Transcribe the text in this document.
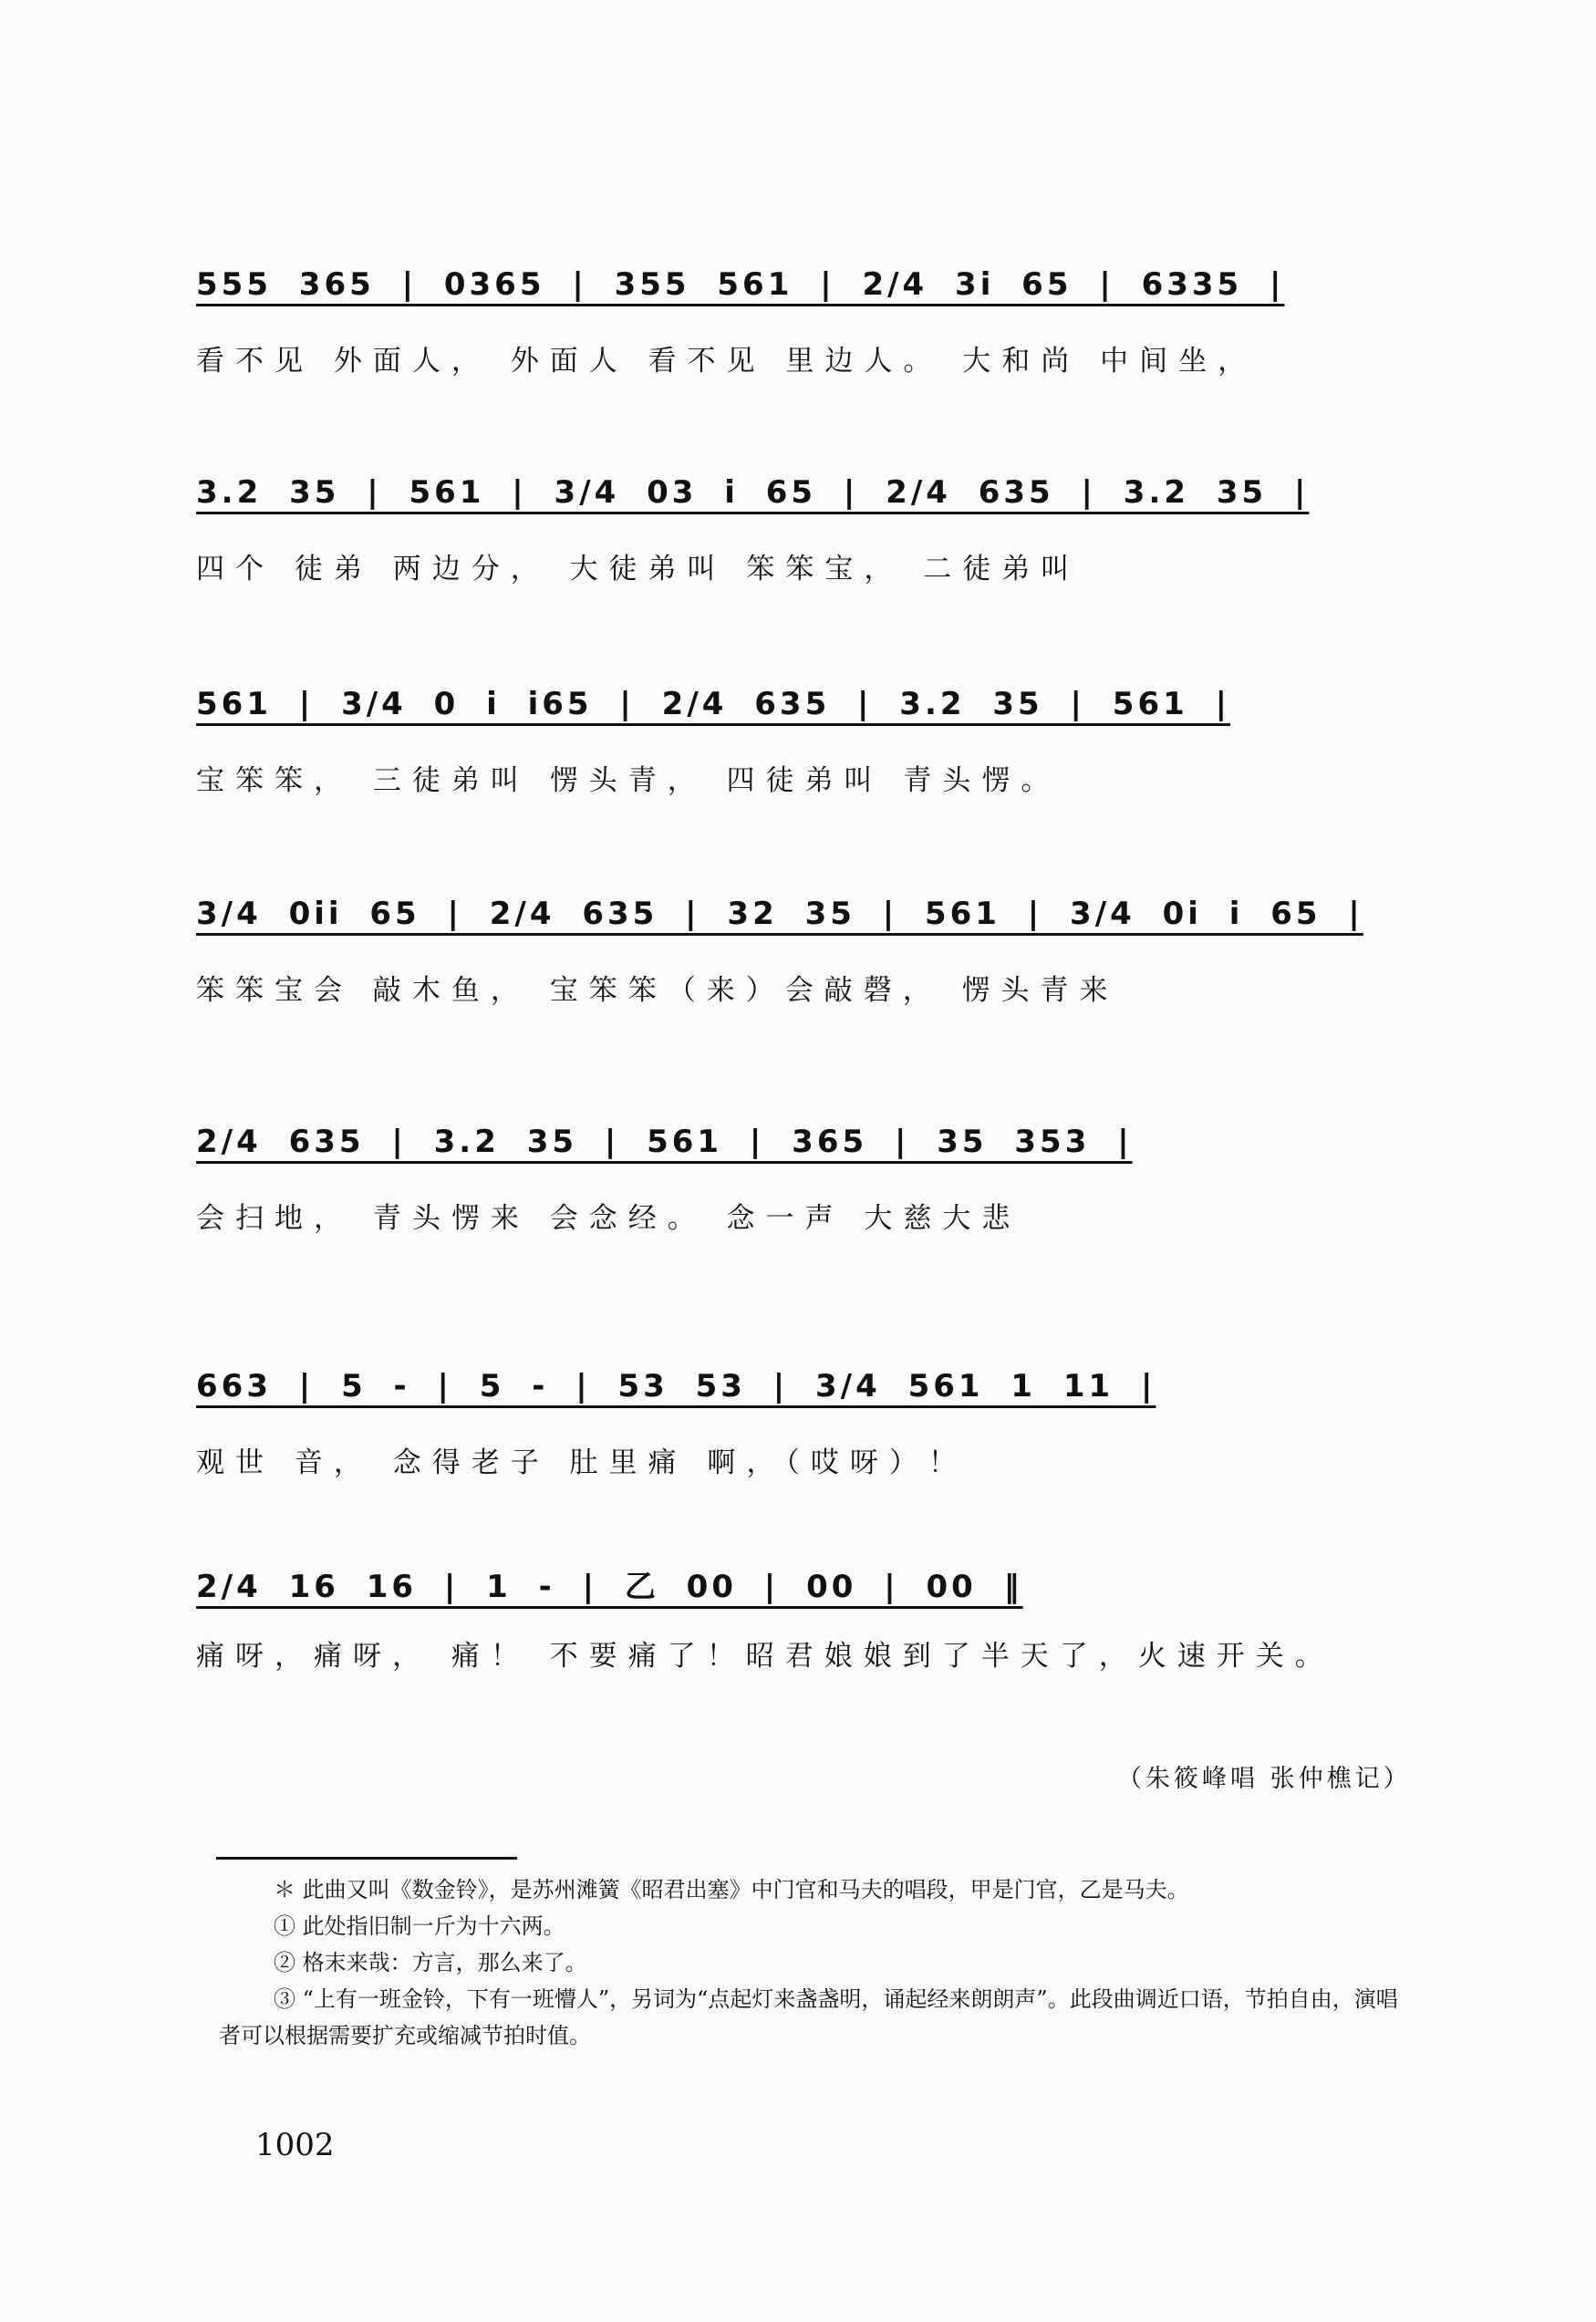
555 365 | 0365 | 355 561 | 2/4 3i 65 | 6335 |
看不见 外面人， 外面人 看不见 里边人。 大和尚 中间坐，
3.2 35 | 561 | 3/4 03 i 65 | 2/4 635 | 3.2 35 |
四个 徒弟 两边分， 大徒弟叫 笨笨宝， 二徒弟叫
561 | 3/4 0 i i65 | 2/4 635 | 3.2 35 | 561 |
宝笨笨， 三徒弟叫 愣头青， 四徒弟叫 青头愣。
3/4 0ii 65 | 2/4 635 | 32 35 | 561 | 3/4 0i i 65 |
笨笨宝会 敲木鱼， 宝笨笨（来）会敲磬， 愣头青来
2/4 635 | 3.2 35 | 561 | 365 | 35 353 |
会扫地， 青头愣来 会念经。 念一声 大慈大悲
663 | 5 - | 5 - | 53 53 | 3/4 561 1 11 |
观世 音， 念得老子 肚里痛 啊，（哎呀）！
2/4 16 16 | 1 - | 乙 00 | 00 | 00 ‖
痛呀，痛呀， 痛！ 不要痛了！昭君娘娘到了半天了，火速开关。
（朱筱峰唱 张仲樵记）
＊ 此曲又叫《数金铃》，是苏州滩簧《昭君出塞》中门官和马夫的唱段，甲是门官，乙是马夫。
① 此处指旧制一斤为十六两。
② 格末来哉：方言，那么来了。
③ “上有一班金铃，下有一班懵人”，另词为“点起灯来盏盏明，诵起经来朗朗声”。此段曲调近口语，节拍自由，演唱
者可以根据需要扩充或缩减节拍时值。
1002
